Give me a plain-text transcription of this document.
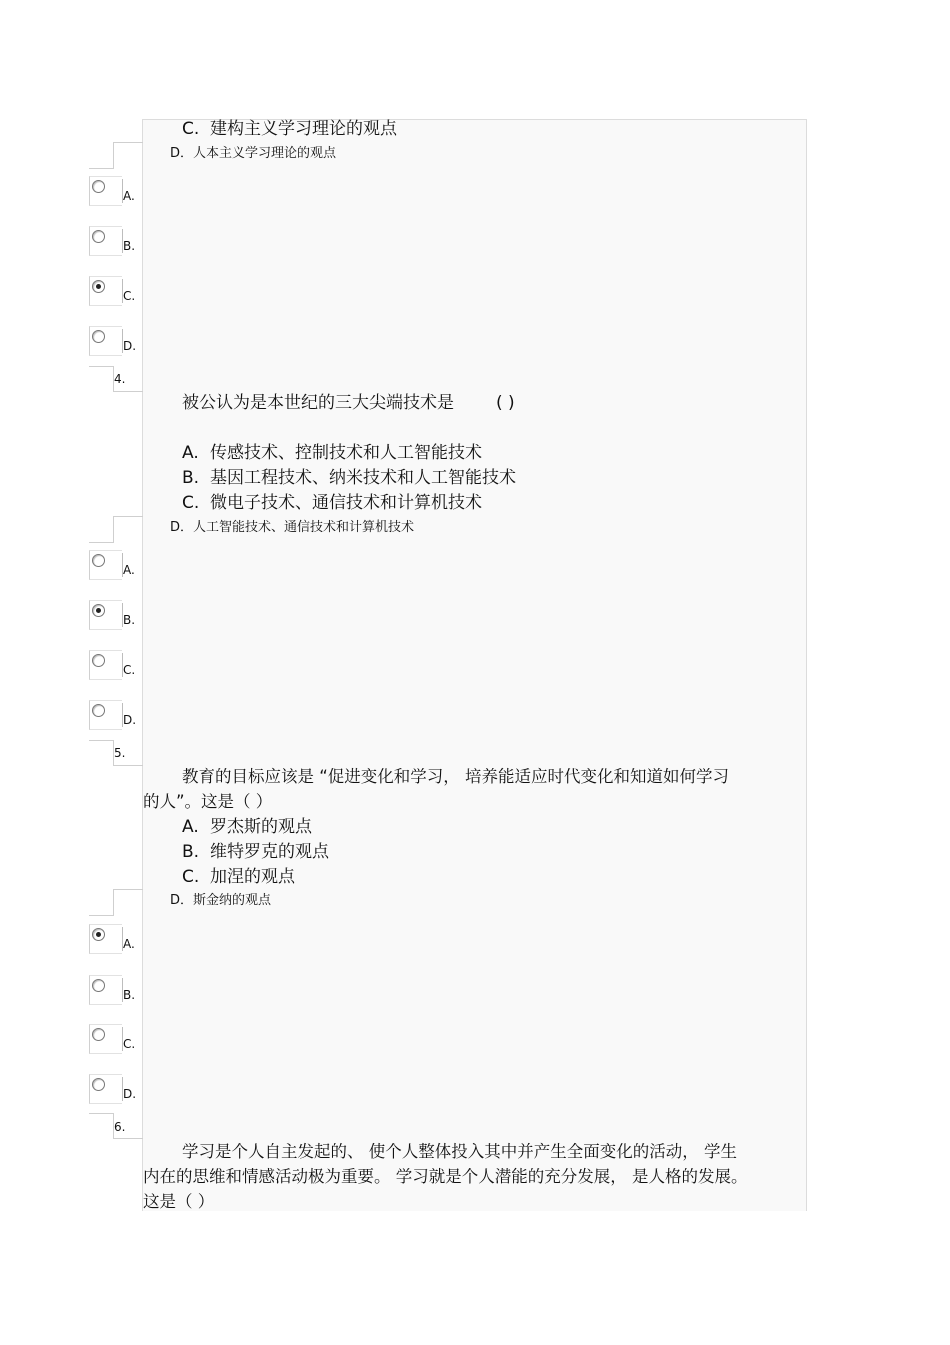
C. 建构主义学习理论的观点
D．人本主义学习理论的观点
A.
B.
C.
D.
4.
被公认为是本世纪的三大尖端技术是 ( )
A. 传感技术、控制技术和人工智能技术
B. 基因工程技术、纳米技术和人工智能技术
C. 微电子技术、通信技术和计算机技术
D．人工智能技术、通信技术和计算机技术
A.
B.
C.
D.
5.
教育的目标应该是 “促进变化和学习， 培养能适应时代变化和知道如何学习
的人”。这是（ ）
A. 罗杰斯的观点
B. 维特罗克的观点
C. 加涅的观点
D．斯金纳的观点
A.
B.
C.
D.
6.
学习是个人自主发起的、 使个人整体投入其中并产生全面变化的活动， 学生
内在的思维和情感活动极为重要。 学习就是个人潜能的充分发展， 是人格的发展。
这是（ ）
